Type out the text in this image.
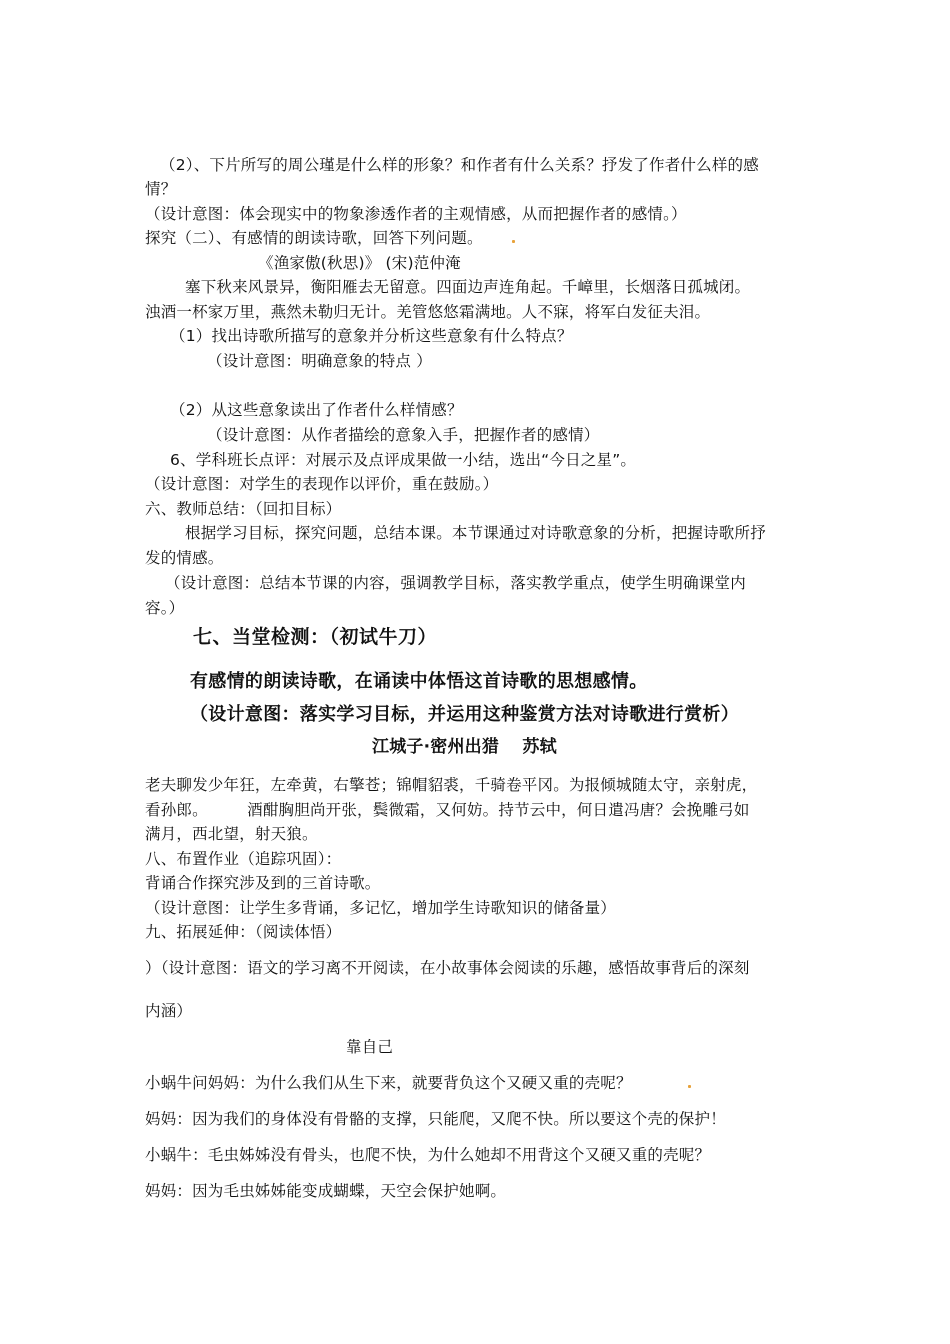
（2）、下片所写的周公瑾是什么样的形象？和作者有什么关系？抒发了作者什么样的感
情？
（设计意图：体会现实中的物象渗透作者的主观情感，从而把握作者的感情。）
探究（二）、有感情的朗读诗歌，回答下列问题。
《渔家傲(秋思)》 (宋)范仲淹
塞下秋来风景异，衡阳雁去无留意。四面边声连角起。千嶂里，长烟落日孤城闭。
浊酒一杯家万里，燕然未勒归无计。羌管悠悠霜满地。人不寐，将军白发征夫泪。
（1）找出诗歌所描写的意象并分析这些意象有什么特点？
（设计意图：明确意象的特点 ）
（2）从这些意象读出了作者什么样情感？
（设计意图：从作者描绘的意象入手，把握作者的感情）
6、学科班长点评：对展示及点评成果做一小结，选出“今日之星”。
（设计意图：对学生的表现作以评价，重在鼓励。）
六、教师总结：（回扣目标）
根据学习目标，探究问题，总结本课。本节课通过对诗歌意象的分析，把握诗歌所抒
发的情感。
（设计意图：总结本节课的内容，强调教学目标，落实教学重点，使学生明确课堂内
容。）
七、当堂检测：（初试牛刀）
有感情的朗读诗歌，在诵读中体悟这首诗歌的思想感情。
（设计意图：落实学习目标，并运用这种鉴赏方法对诗歌进行赏析）
江城子·密州出猎　 苏轼
老夫聊发少年狂，左牵黄，右擎苍；锦帽貂裘，千骑卷平冈。为报倾城随太守，亲射虎，
看孙郎。　　　酒酣胸胆尚开张，鬓微霜，又何妨。持节云中，何日遣冯唐？会挽雕弓如
满月，西北望，射天狼。
八、布置作业（追踪巩固）：
背诵合作探究涉及到的三首诗歌。
（设计意图：让学生多背诵，多记忆，增加学生诗歌知识的储备量）
九、拓展延伸：（阅读体悟）
）（设计意图：语文的学习离不开阅读，在小故事体会阅读的乐趣，感悟故事背后的深刻
内涵）
靠自己
小蜗牛问妈妈：为什么我们从生下来，就要背负这个又硬又重的壳呢？
妈妈：因为我们的身体没有骨骼的支撑，只能爬，又爬不快。所以要这个壳的保护！
小蜗牛：毛虫姊姊没有骨头，也爬不快，为什么她却不用背这个又硬又重的壳呢？
妈妈：因为毛虫姊姊能变成蝴蝶，天空会保护她啊。
